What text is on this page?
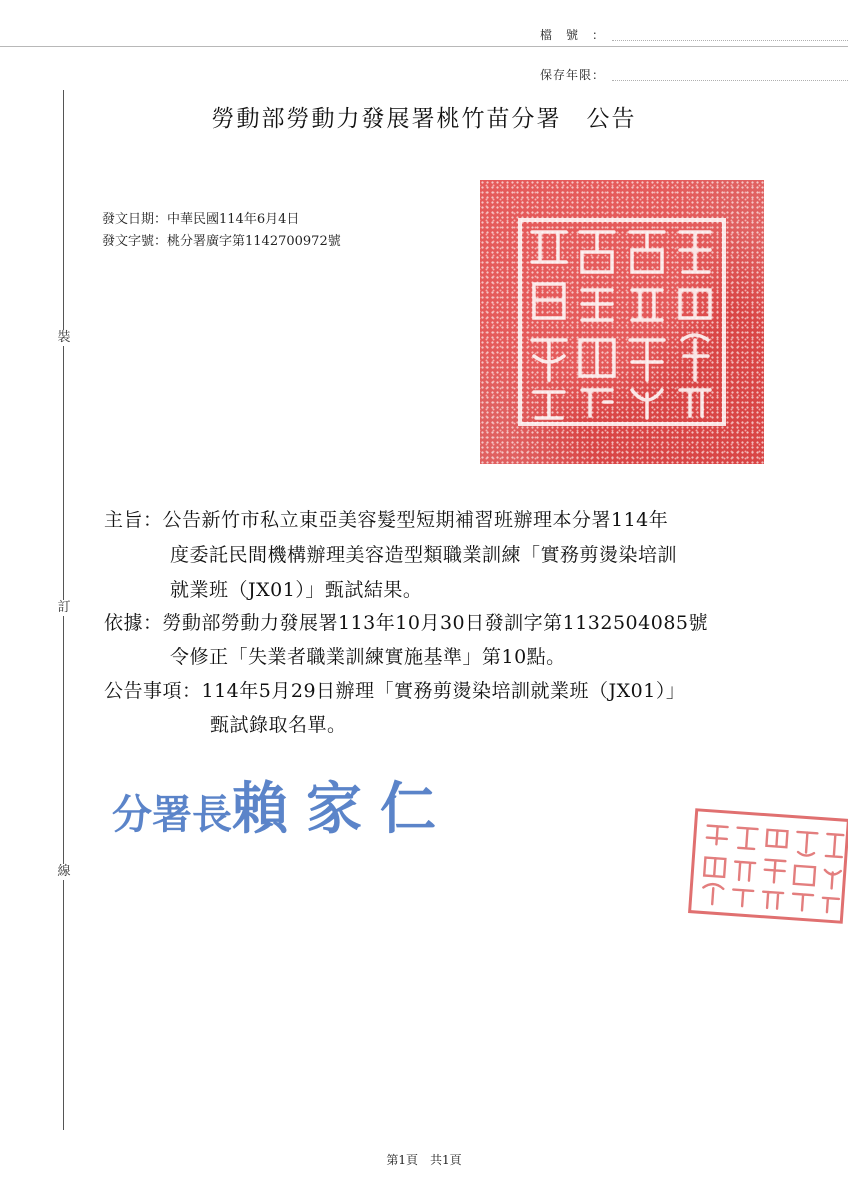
檔號：
保存年限：
裝
訂
線
勞動部勞動力發展署桃竹苗分署　公告
發文日期：中華民國114年6月4日
發文字號：桃分署廣字第1142700972號
主旨：公告新竹市私立東亞美容髮型短期補習班辦理本分署114年
度委託民間機構辦理美容造型類職業訓練「實務剪燙染培訓
就業班（JX01）」甄試結果。
依據：勞動部勞動力發展署113年10月30日發訓字第1132504085號
令修正「失業者職業訓練實施基準」第10點。
公告事項：114年5月29日辦理「實務剪燙染培訓就業班（JX01）」
甄試錄取名單。
分署長賴家仁
第1頁　共1頁
